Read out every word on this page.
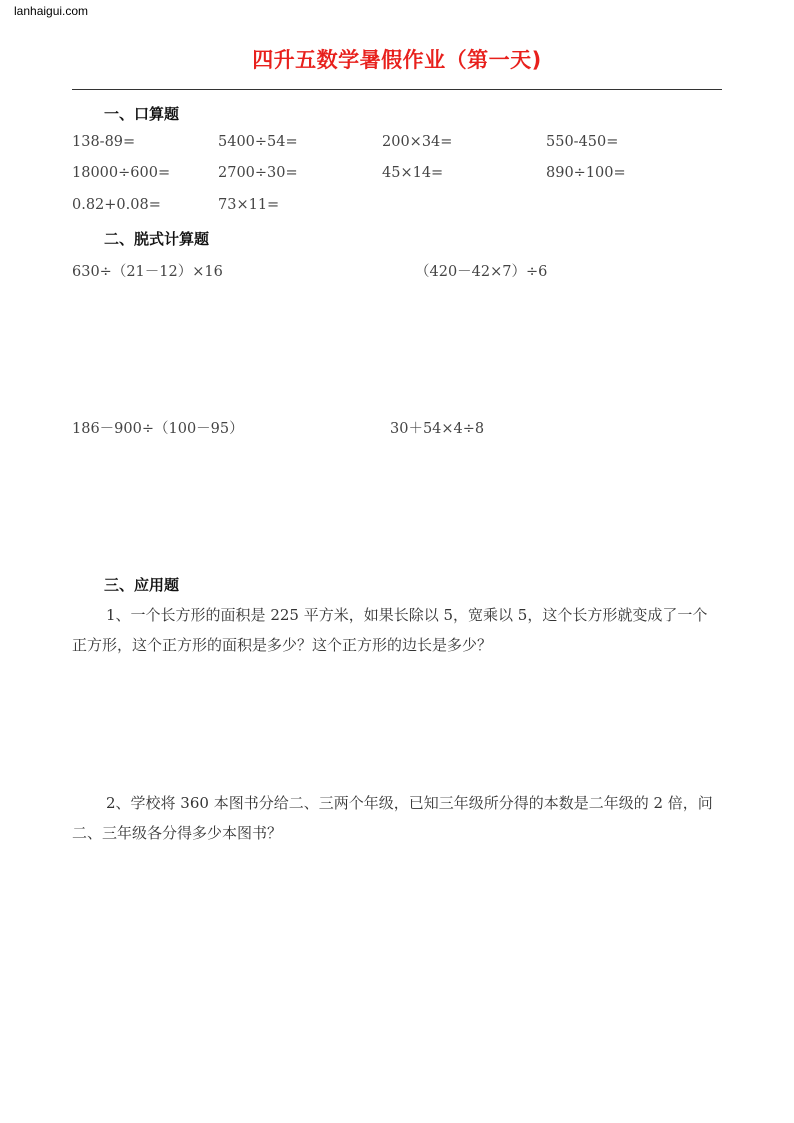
lanhaigui.com
四升五数学暑假作业（第一天)
一、口算题
138-89=	5400÷54=	200×34=	550-450=
18000÷600=	2700÷30=	45×14=	890÷100=
0.82+0.08=	73×11=
二、脱式计算题
630÷（21－12）×16	（420－42×7）÷6
186－900÷（100－95）	30＋54×4÷8
三、应用题
1、一个长方形的面积是 225 平方米，如果长除以 5，宽乘以 5，这个长方形就变成了一个正方形，这个正方形的面积是多少？这个正方形的边长是多少？
2、学校将 360 本图书分给二、三两个年级，已知三年级所分得的本数是二年级的 2 倍，问二、三年级各分得多少本图书？
